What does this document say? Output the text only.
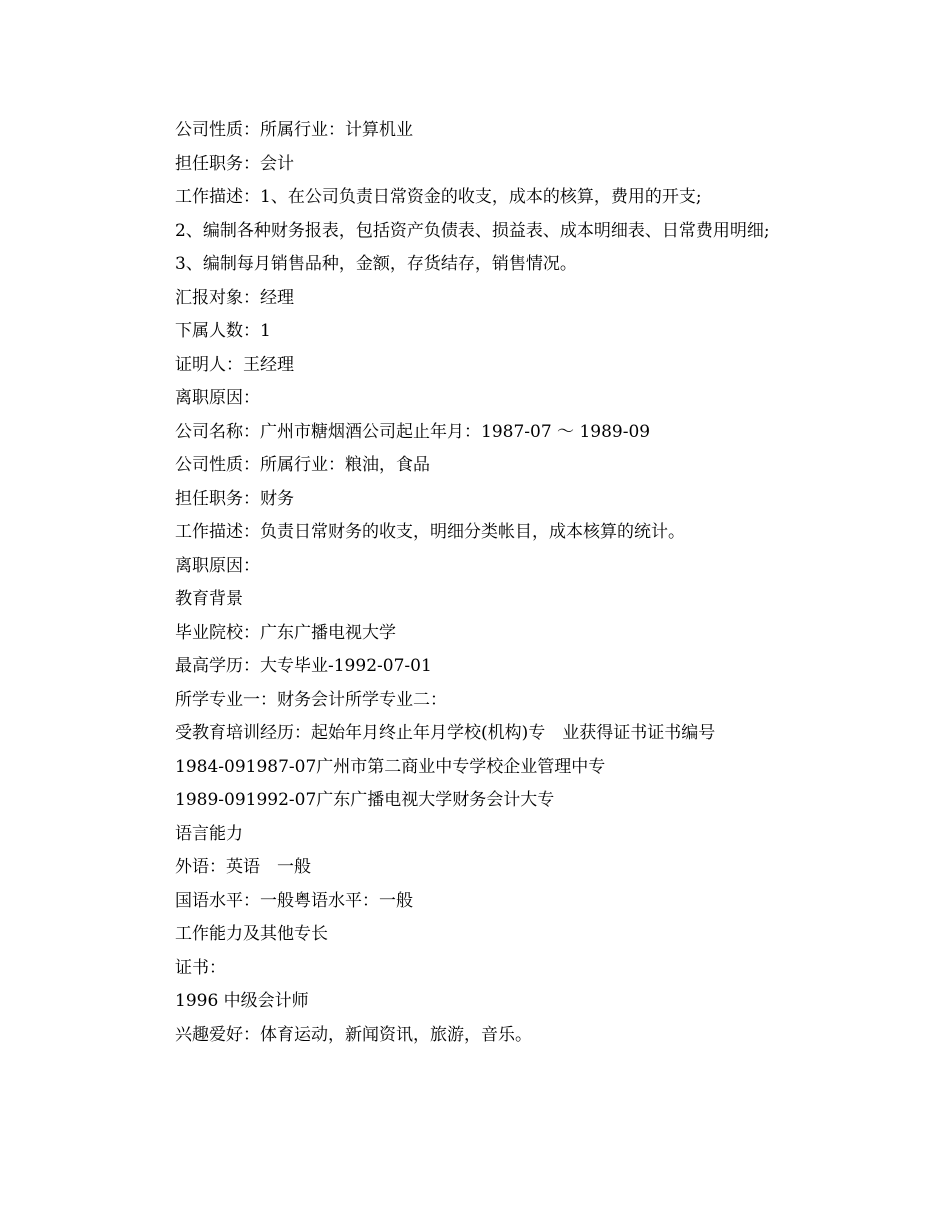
公司性质：所属行业：计算机业
担任职务：会计
工作描述：1、在公司负责日常资金的收支，成本的核算，费用的开支;
2、编制各种财务报表，包括资产负债表、损益表、成本明细表、日常费用明细;
3、编制每月销售品种，金额，存货结存，销售情况。
汇报对象：经理
下属人数：1
证明人：王经理
离职原因：
公司名称：广州市糖烟酒公司起止年月：1987-07 ～ 1989-09
公司性质：所属行业：粮油，食品
担任职务：财务
工作描述：负责日常财务的收支，明细分类帐目，成本核算的统计。
离职原因：
教育背景
毕业院校：广东广播电视大学
最高学历：大专毕业-1992-07-01
所学专业一：财务会计所学专业二：
受教育培训经历：起始年月终止年月学校(机构)专　业获得证书证书编号
1984-091987-07广州市第二商业中专学校企业管理中专
1989-091992-07广东广播电视大学财务会计大专
语言能力
外语：英语　一般
国语水平：一般粤语水平：一般
工作能力及其他专长
证书：
1996 中级会计师
兴趣爱好：体育运动，新闻资讯，旅游，音乐。
